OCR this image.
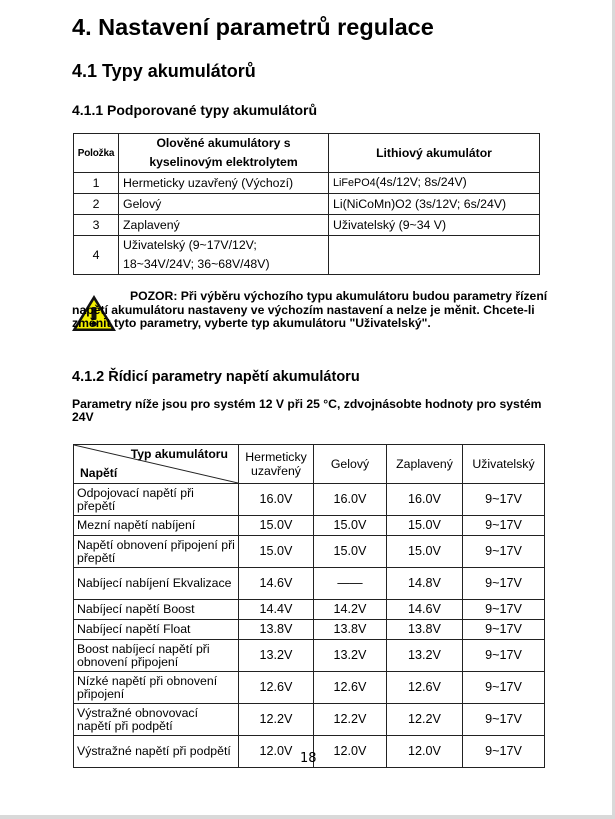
4. Nastavení parametrů regulace
4.1 Typy akumulátorů
4.1.1 Podporované typy akumulátorů
Položka	Olověné akumulátory s kyselinovým elektrolytem	Lithiový akumulátor
1	Hermeticky uzavřený (Výchozí)	LiFePO4(4s/12V; 8s/24V)
2	Gelový	Li(NiCoMn)O2 (3s/12V; 6s/24V)
3	Zaplavený	Uživatelský (9~34 V)
4	Uživatelský (9~17V/12V; 18~34V/24V; 36~68V/48V)	
POZOR: Při výběru výchozího typu akumulátoru budou parametry řízení napětí akumulátoru nastaveny ve výchozím nastavení a nelze je měnit. Chcete-li změnit tyto parametry, vyberte typ akumulátoru "Uživatelský".
4.1.2 Řídicí parametry napětí akumulátoru
Parametry níže jsou pro systém 12 V při 25 °C, zdvojnásobte hodnoty pro systém 24V
Typ akumulátoru
Napětí	Hermeticky uzavřený	Gelový	Zaplavený	Uživatelský
Odpojovací napětí při přepětí	16.0V	16.0V	16.0V	9~17V
Mezní napětí nabíjení	15.0V	15.0V	15.0V	9~17V
Napětí obnovení připojení při přepětí	15.0V	15.0V	15.0V	9~17V
Nabíjecí nabíjení Ekvalizace	14.6V	——	14.8V	9~17V
Nabíjecí napětí Boost	14.4V	14.2V	14.6V	9~17V
Nabíjecí napětí Float	13.8V	13.8V	13.8V	9~17V
Boost nabíjecí napětí při obnovení připojení	13.2V	13.2V	13.2V	9~17V
Nízké napětí při obnovení připojení	12.6V	12.6V	12.6V	9~17V
Výstražné obnovovací napětí při podpětí	12.2V	12.2V	12.2V	9~17V
Výstražné napětí při podpětí	12.0V	12.0V	12.0V	9~17V
18
